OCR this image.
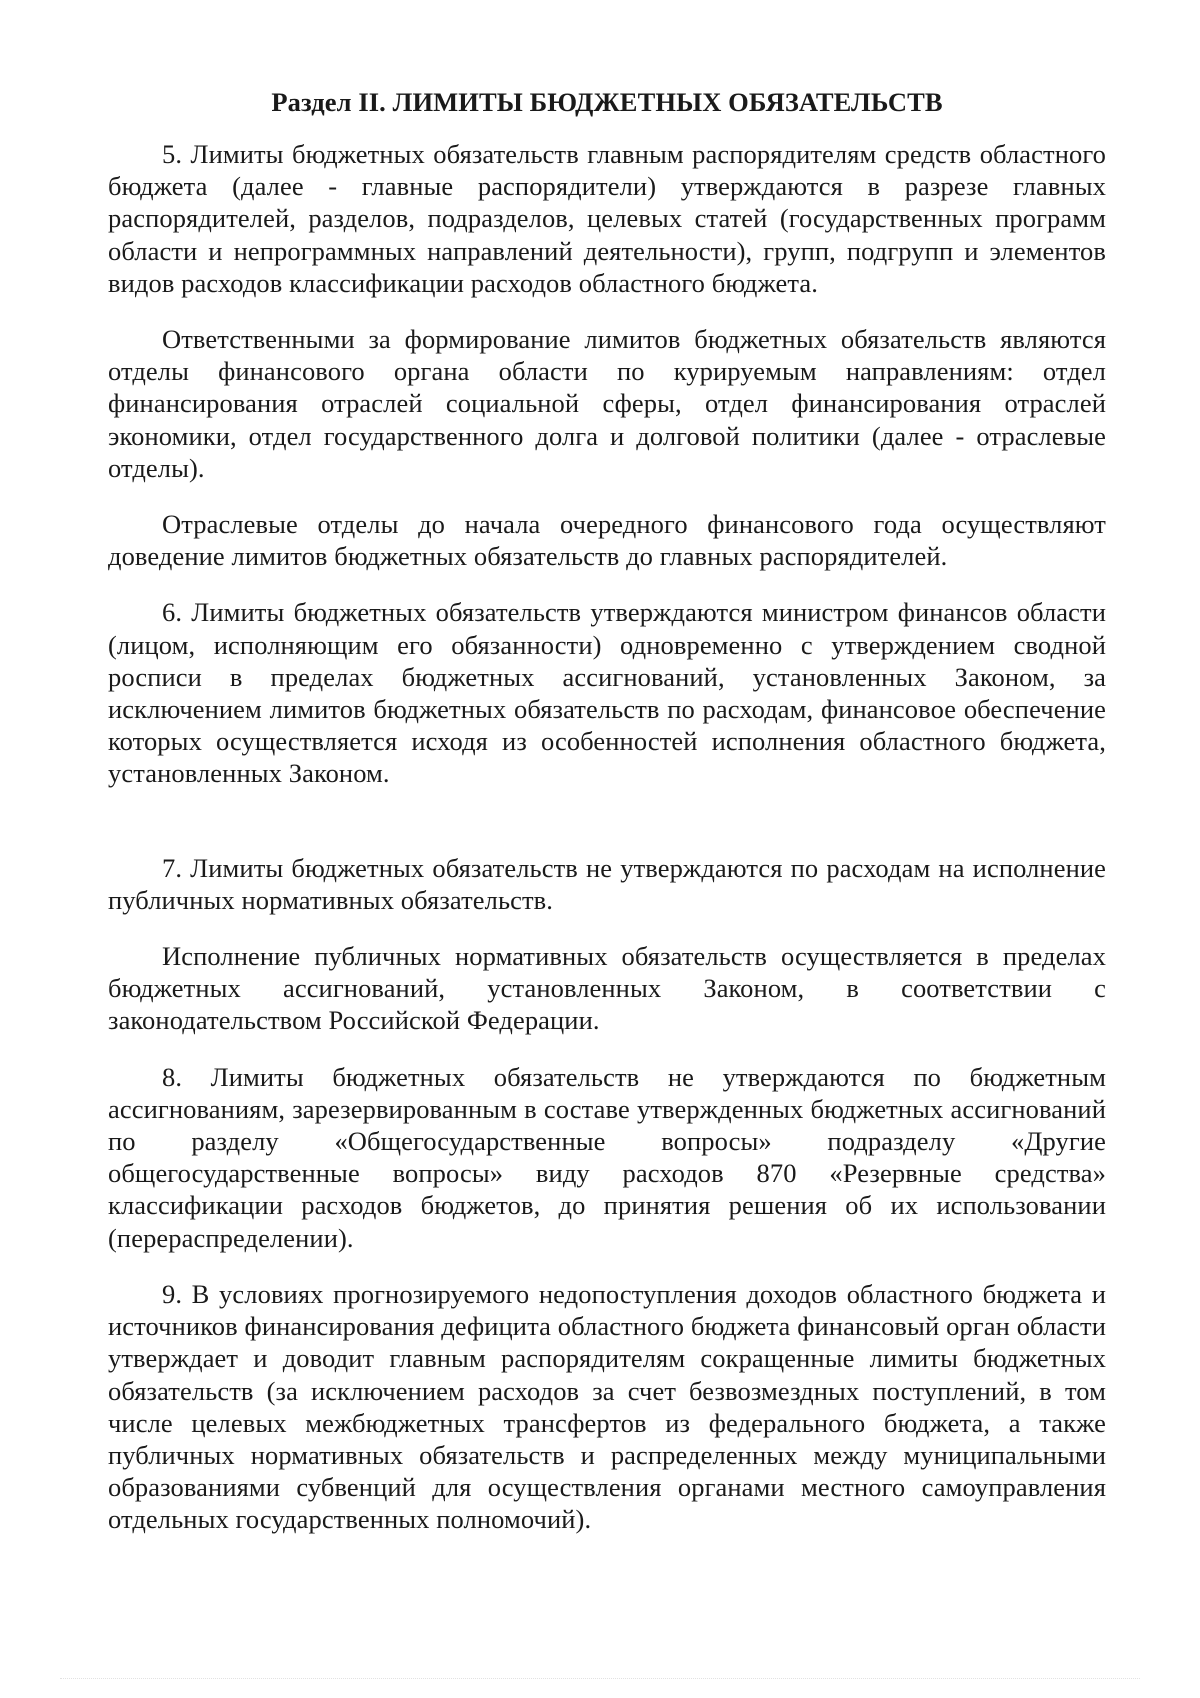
Раздел II. ЛИМИТЫ БЮДЖЕТНЫХ ОБЯЗАТЕЛЬСТВ

5. Лимиты бюджетных обязательств главным распорядителям средств областного бюджета (далее - главные распорядители) утверждаются в разрезе главных распорядителей, разделов, подразделов, целевых статей (государственных программ области и непрограммных направлений деятельности), групп, подгрупп и элементов видов расходов классификации расходов областного бюджета.

Ответственными за формирование лимитов бюджетных обязательств являются отделы финансового органа области по курируемым направлениям: отдел финансирования отраслей социальной сферы, отдел финансирования отраслей экономики, отдел государственного долга и долговой политики (далее - отраслевые отделы).

Отраслевые отделы до начала очередного финансового года осуществляют доведение лимитов бюджетных обязательств до главных распорядителей.

6. Лимиты бюджетных обязательств утверждаются министром финансов области (лицом, исполняющим его обязанности) одновременно с утверждением сводной росписи в пределах бюджетных ассигнований, установленных Законом, за исключением лимитов бюджетных обязательств по расходам, финансовое обеспечение которых осуществляется исходя из особенностей исполнения областного бюджета, установленных Законом.

7. Лимиты бюджетных обязательств не утверждаются по расходам на исполнение публичных нормативных обязательств.

Исполнение публичных нормативных обязательств осуществляется в пределах бюджетных ассигнований, установленных Законом, в соответствии с законодательством Российской Федерации.

8. Лимиты бюджетных обязательств не утверждаются по бюджетным ассигнованиям, зарезервированным в составе утвержденных бюджетных ассигнований по разделу «Общегосударственные вопросы» подразделу «Другие общегосударственные вопросы» виду расходов 870 «Резервные средства» классификации расходов бюджетов, до принятия решения об их использовании (перераспределении).

9. В условиях прогнозируемого недопоступления доходов областного бюджета и источников финансирования дефицита областного бюджета финансовый орган области утверждает и доводит главным распорядителям сокращенные лимиты бюджетных обязательств (за исключением расходов за счет безвозмездных поступлений, в том числе целевых межбюджетных трансфертов из федерального бюджета, а также публичных нормативных обязательств и распределенных между муниципальными образованиями субвенций для осуществления органами местного самоуправления отдельных государственных полномочий).
